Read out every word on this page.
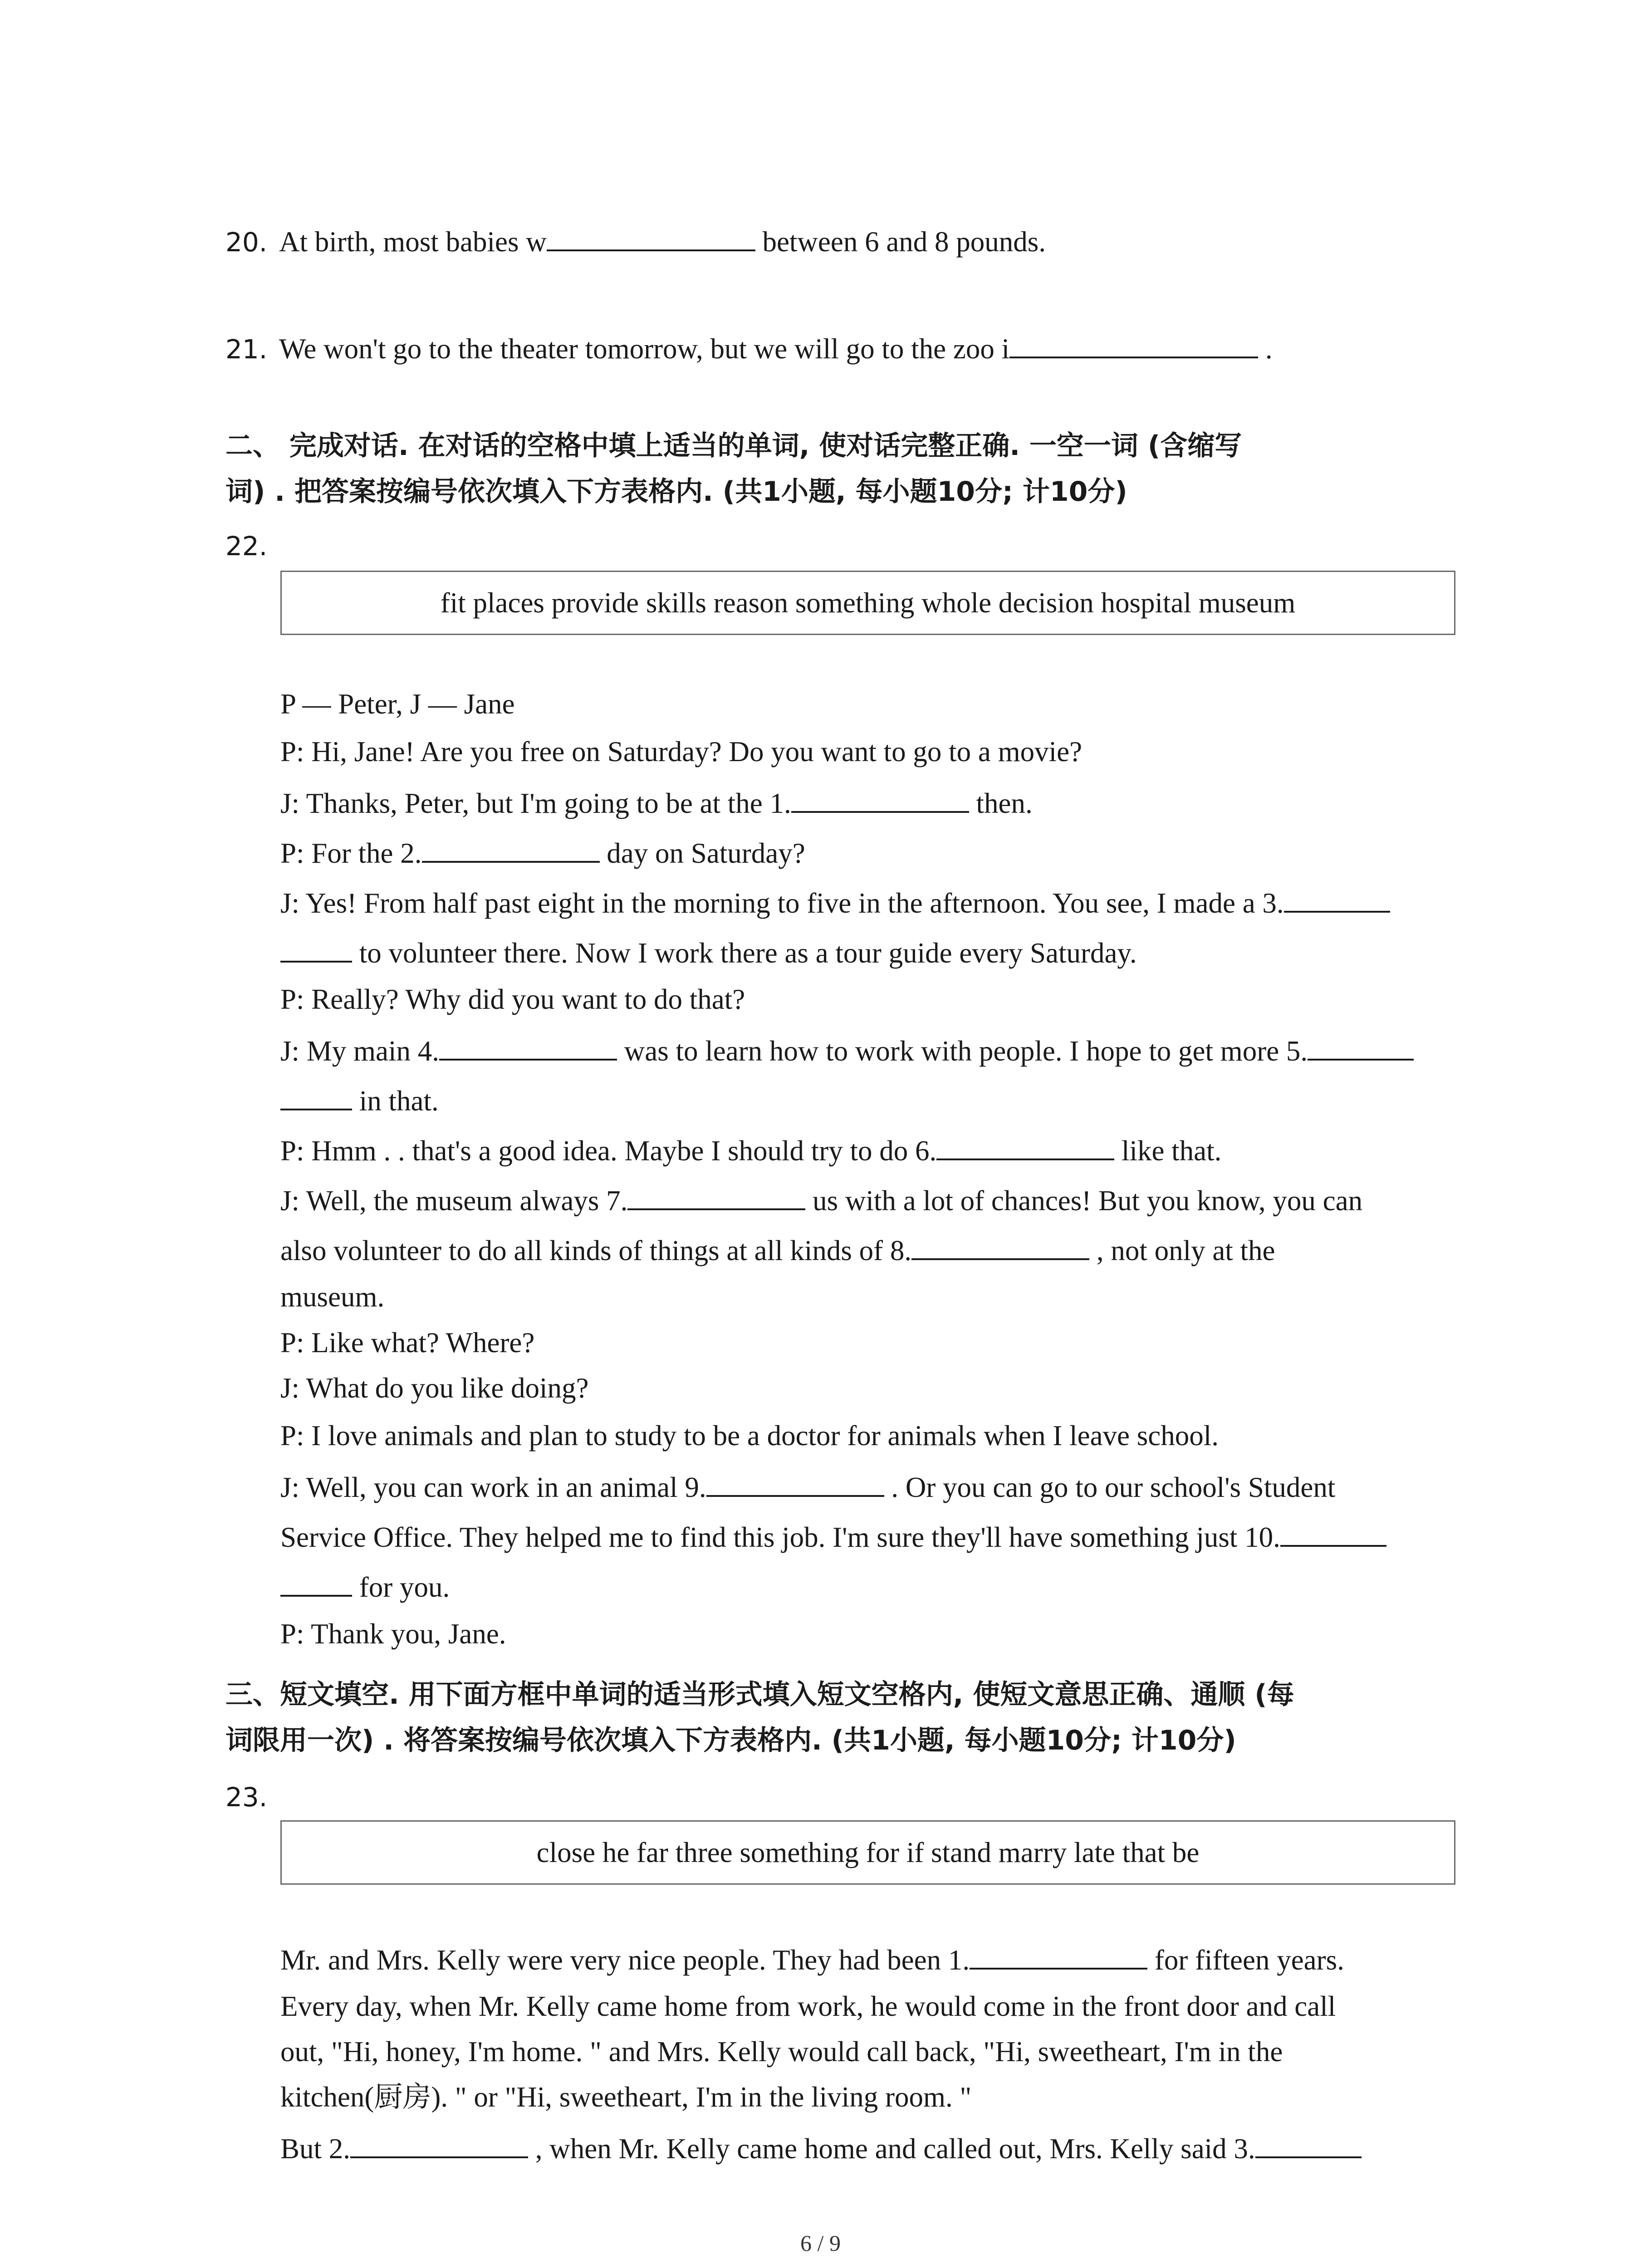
20. At birth, most babies w	between 6 and 8 pounds.
21. We won't go to the theater tomorrow, but we will go to the zoo i	.
二、 完成对话. 在对话的空格中填上适当的单词, 使对话完整正确. 一空一词 (含缩写
词) . 把答案按编号依次填入下方表格内. (共1小题, 每小题10分; 计10分)
22.
fit places provide skills reason something whole decision hospital museum
P — Peter, J — Jane
P: Hi, Jane! Are you free on Saturday? Do you want to go to a movie?
J: Thanks, Peter, but I'm going to be at the 1.	then.
P: For the 2.	day on Saturday?
J: Yes! From half past eight in the morning to five in the afternoon. You see, I made a 3.
to volunteer there. Now I work there as a tour guide every Saturday.
P: Really? Why did you want to do that?
J: My main 4.	was to learn how to work with people. I hope to get more 5.
in that.
P: Hmm . . that's a good idea. Maybe I should try to do 6.	like that.
J: Well, the museum always 7.	us with a lot of chances! But you know, you can
also volunteer to do all kinds of things at all kinds of 8.	, not only at the
museum.
P: Like what? Where?
J: What do you like doing?
P: I love animals and plan to study to be a doctor for animals when I leave school.
J: Well, you can work in an animal 9.	. Or you can go to our school's Student
Service Office. They helped me to find this job. I'm sure they'll have something just 10.
for you.
P: Thank you, Jane.
三、短文填空. 用下面方框中单词的适当形式填入短文空格内, 使短文意思正确、通顺 (每
词限用一次) . 将答案按编号依次填入下方表格内. (共1小题, 每小题10分; 计10分)
23.
close he far three something for if stand marry late that be
Mr. and Mrs. Kelly were very nice people. They had been 1.	for fifteen years.
Every day, when Mr. Kelly came home from work, he would come in the front door and call
out, "Hi, honey, I'm home. " and Mrs. Kelly would call back, "Hi, sweetheart, I'm in the
kitchen(厨房). " or "Hi, sweetheart, I'm in the living room. "
But 2.	, when Mr. Kelly came home and called out, Mrs. Kelly said 3.
6 / 9
